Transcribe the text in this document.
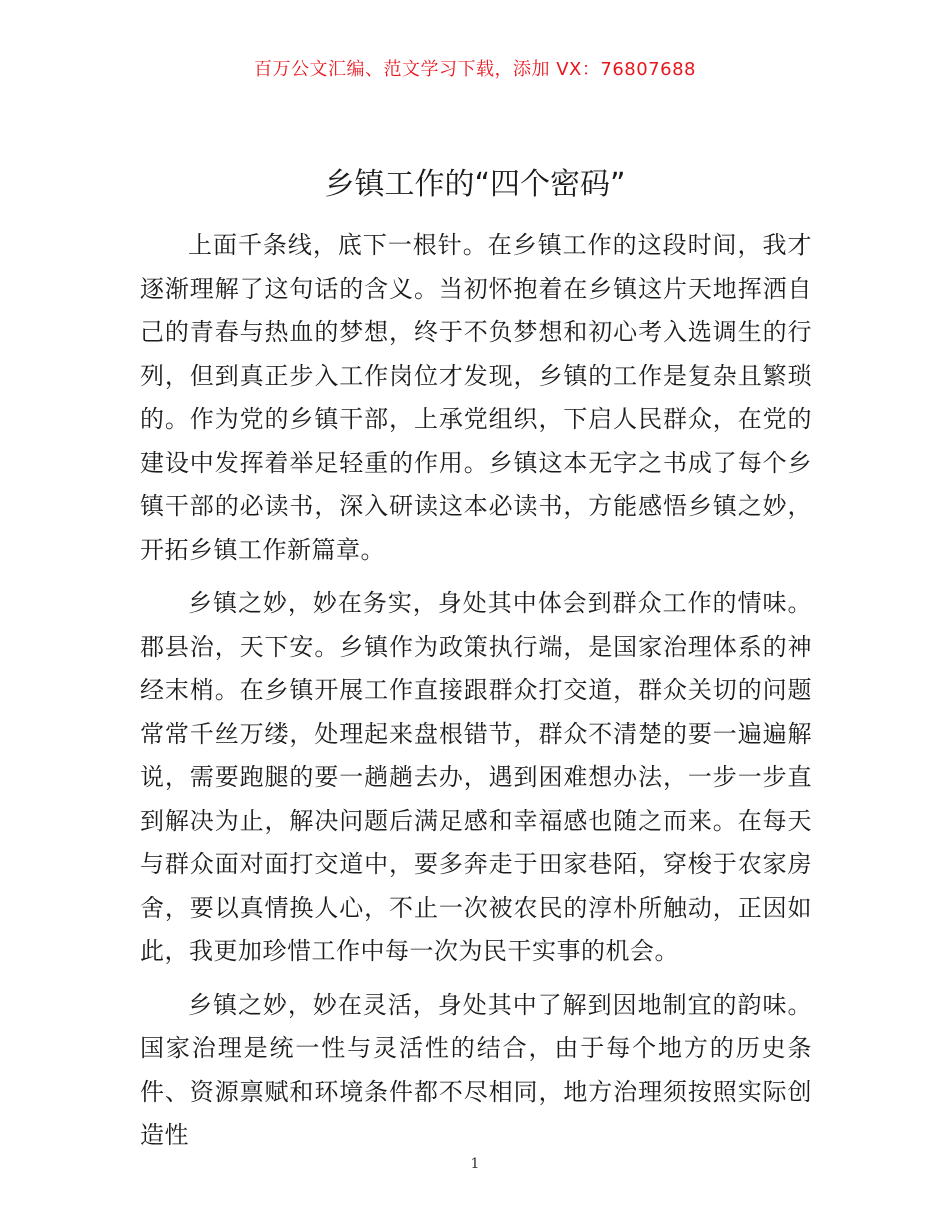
百万公文汇编、范文学习下载，添加 VX：76807688
乡镇工作的“四个密码”

上面千条线，底下一根针。在乡镇工作的这段时间，我才逐渐理解了这句话的含义。当初怀抱着在乡镇这片天地挥洒自己的青春与热血的梦想，终于不负梦想和初心考入选调生的行列，但到真正步入工作岗位才发现，乡镇的工作是复杂且繁琐的。作为党的乡镇干部，上承党组织，下启人民群众，在党的建设中发挥着举足轻重的作用。乡镇这本无字之书成了每个乡镇干部的必读书，深入研读这本必读书，方能感悟乡镇之妙，开拓乡镇工作新篇章。

乡镇之妙，妙在务实，身处其中体会到群众工作的情味。郡县治，天下安。乡镇作为政策执行端，是国家治理体系的神经末梢。在乡镇开展工作直接跟群众打交道，群众关切的问题常常千丝万缕，处理起来盘根错节，群众不清楚的要一遍遍解说，需要跑腿的要一趟趟去办，遇到困难想办法，一步一步直到解决为止，解决问题后满足感和幸福感也随之而来。在每天与群众面对面打交道中，要多奔走于田家巷陌，穿梭于农家房舍，要以真情换人心，不止一次被农民的淳朴所触动，正因如此，我更加珍惜工作中每一次为民干实事的机会。

乡镇之妙，妙在灵活，身处其中了解到因地制宜的韵味。国家治理是统一性与灵活性的结合，由于每个地方的历史条件、资源禀赋和环境条件都不尽相同，地方治理须按照实际创造性

1
